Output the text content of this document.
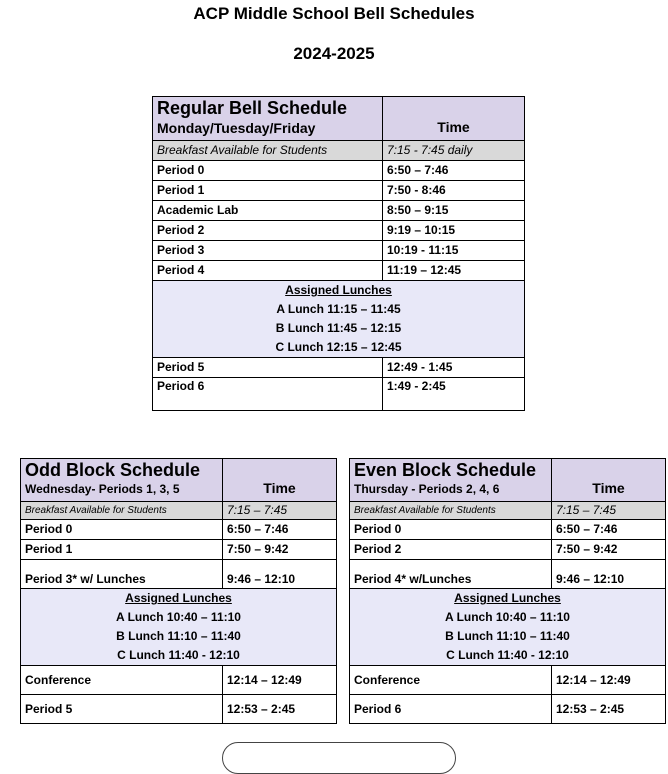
ACP Middle School Bell Schedules
2024-2025
Regular Bell Schedule
Monday/Tuesday/Friday	Time
Breakfast Available for Students	7:15 - 7:45 daily
Period 0	6:50 – 7:46
Period 1	7:50 - 8:46
Academic Lab	8:50 – 9:15
Period 2	9:19 – 10:15
Period 3	10:19 - 11:15
Period 4	11:19 – 12:45

Assigned Lunches
A Lunch 11:15 – 11:45
B Lunch 11:45 – 12:15
C Lunch 12:15 – 12:45	

Period 5	12:49 - 1:45
Period 6	1:49 - 2:45
Odd Block Schedule
Wednesday- Periods 1, 3, 5	Time
Breakfast Available for Students	7:15 – 7:45
Period 0	6:50 – 7:46
Period 1	7:50 – 9:42
Period 3* w/ Lunches	9:46 – 12:10

Assigned Lunches
A Lunch 10:40 – 11:10
B Lunch 11:10 – 11:40
C Lunch 11:40 - 12:10	

Conference	12:14 – 12:49
Period 5	12:53 – 2:45
Even Block Schedule
Thursday - Periods 2, 4, 6	Time
Breakfast Available for Students	7:15 – 7:45
Period 0	6:50 – 7:46
Period 2	7:50 – 9:42
Period 4* w/Lunches	9:46 – 12:10

Assigned Lunches
A Lunch 10:40 – 11:10
B Lunch 11:10 – 11:40
C Lunch 11:40 - 12:10	

Conference	12:14 – 12:49
Period 6	12:53 – 2:45
